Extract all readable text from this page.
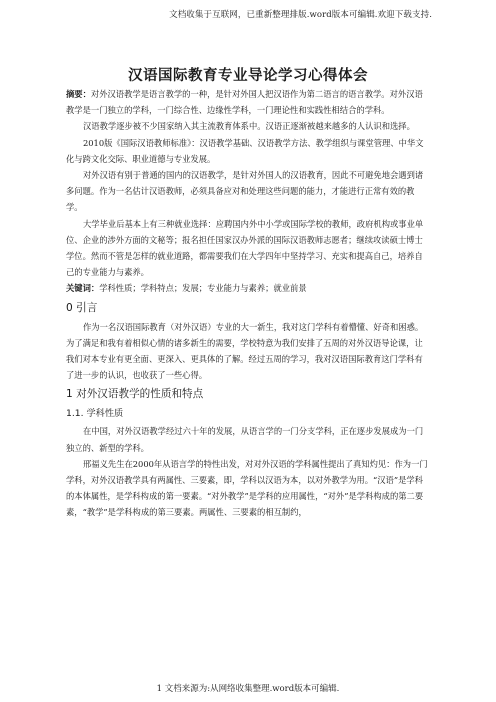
文档收集于互联网，已重新整理排版.word版本可编辑.欢迎下载支持.
汉语国际教育专业导论学习心得体会

摘要：对外汉语教学是语言教学的一种，是针对外国人把汉语作为第二语言的语言教学。对外汉语教学是一门独立的学科，一门综合性、边缘性学科，一门理论性和实践性相结合的学科。

汉语教学逐步被不少国家纳入其主流教育体系中。汉语正逐渐被越来越多的人认识和选择。

2010版《国际汉语教师标准》：汉语教学基础、汉语教学方法、教学组织与课堂管理、中华文化与跨文化交际、职业道德与专业发展。

对外汉语有别于普通的国内的汉语教学，是针对外国人的汉语教育，因此不可避免地会遇到诸多问题。作为一名估计汉语教师，必须具备应对和处理这些问题的能力，才能进行正常有效的教学。

大学毕业后基本上有三种就业选择：应聘国内外中小学或国际学校的教师，政府机构或事业单位、企业的涉外方面的文秘等；报名担任国家汉办外派的国际汉语教师志愿者；继续攻读硕士博士学位。然而不管是怎样的就业道路，都需要我们在大学四年中坚持学习、充实和提高自己，培养自己的专业能力与素养。

关键词：学科性质；学科特点；发展；专业能力与素养；就业前景

0 引言

作为一名汉语国际教育（对外汉语）专业的大一新生，我对这门学科有着懵懂、好奇和困惑。为了满足和我有着相似心情的诸多新生的需要，学校特意为我们安排了五周的对外汉语导论课，让我们对本专业有更全面、更深入、更具体的了解。经过五周的学习，我对汉语国际教育这门学科有了进一步的认识，也收获了一些心得。

1 对外汉语教学的性质和特点

1.1. 学科性质

在中国，对外汉语教学经过六十年的发展，从语言学的一门分支学科，正在逐步发展成为一门独立的、新型的学科。

邢福义先生在2000年从语言学的特性出发，对对外汉语的学科属性提出了真知灼见：作为一门学科，对外汉语教学具有两属性、三要素，即，学科以汉语为本，以对外教学为用。“汉语”是学科的本体属性，是学科构成的第一要素。“对外教学”是学科的应用属性，“对外”是学科构成的第二要素，“教学”是学科构成的第三要素。两属性、三要素的相互制约，

1 文档来源为:从网络收集整理.word版本可编辑.
